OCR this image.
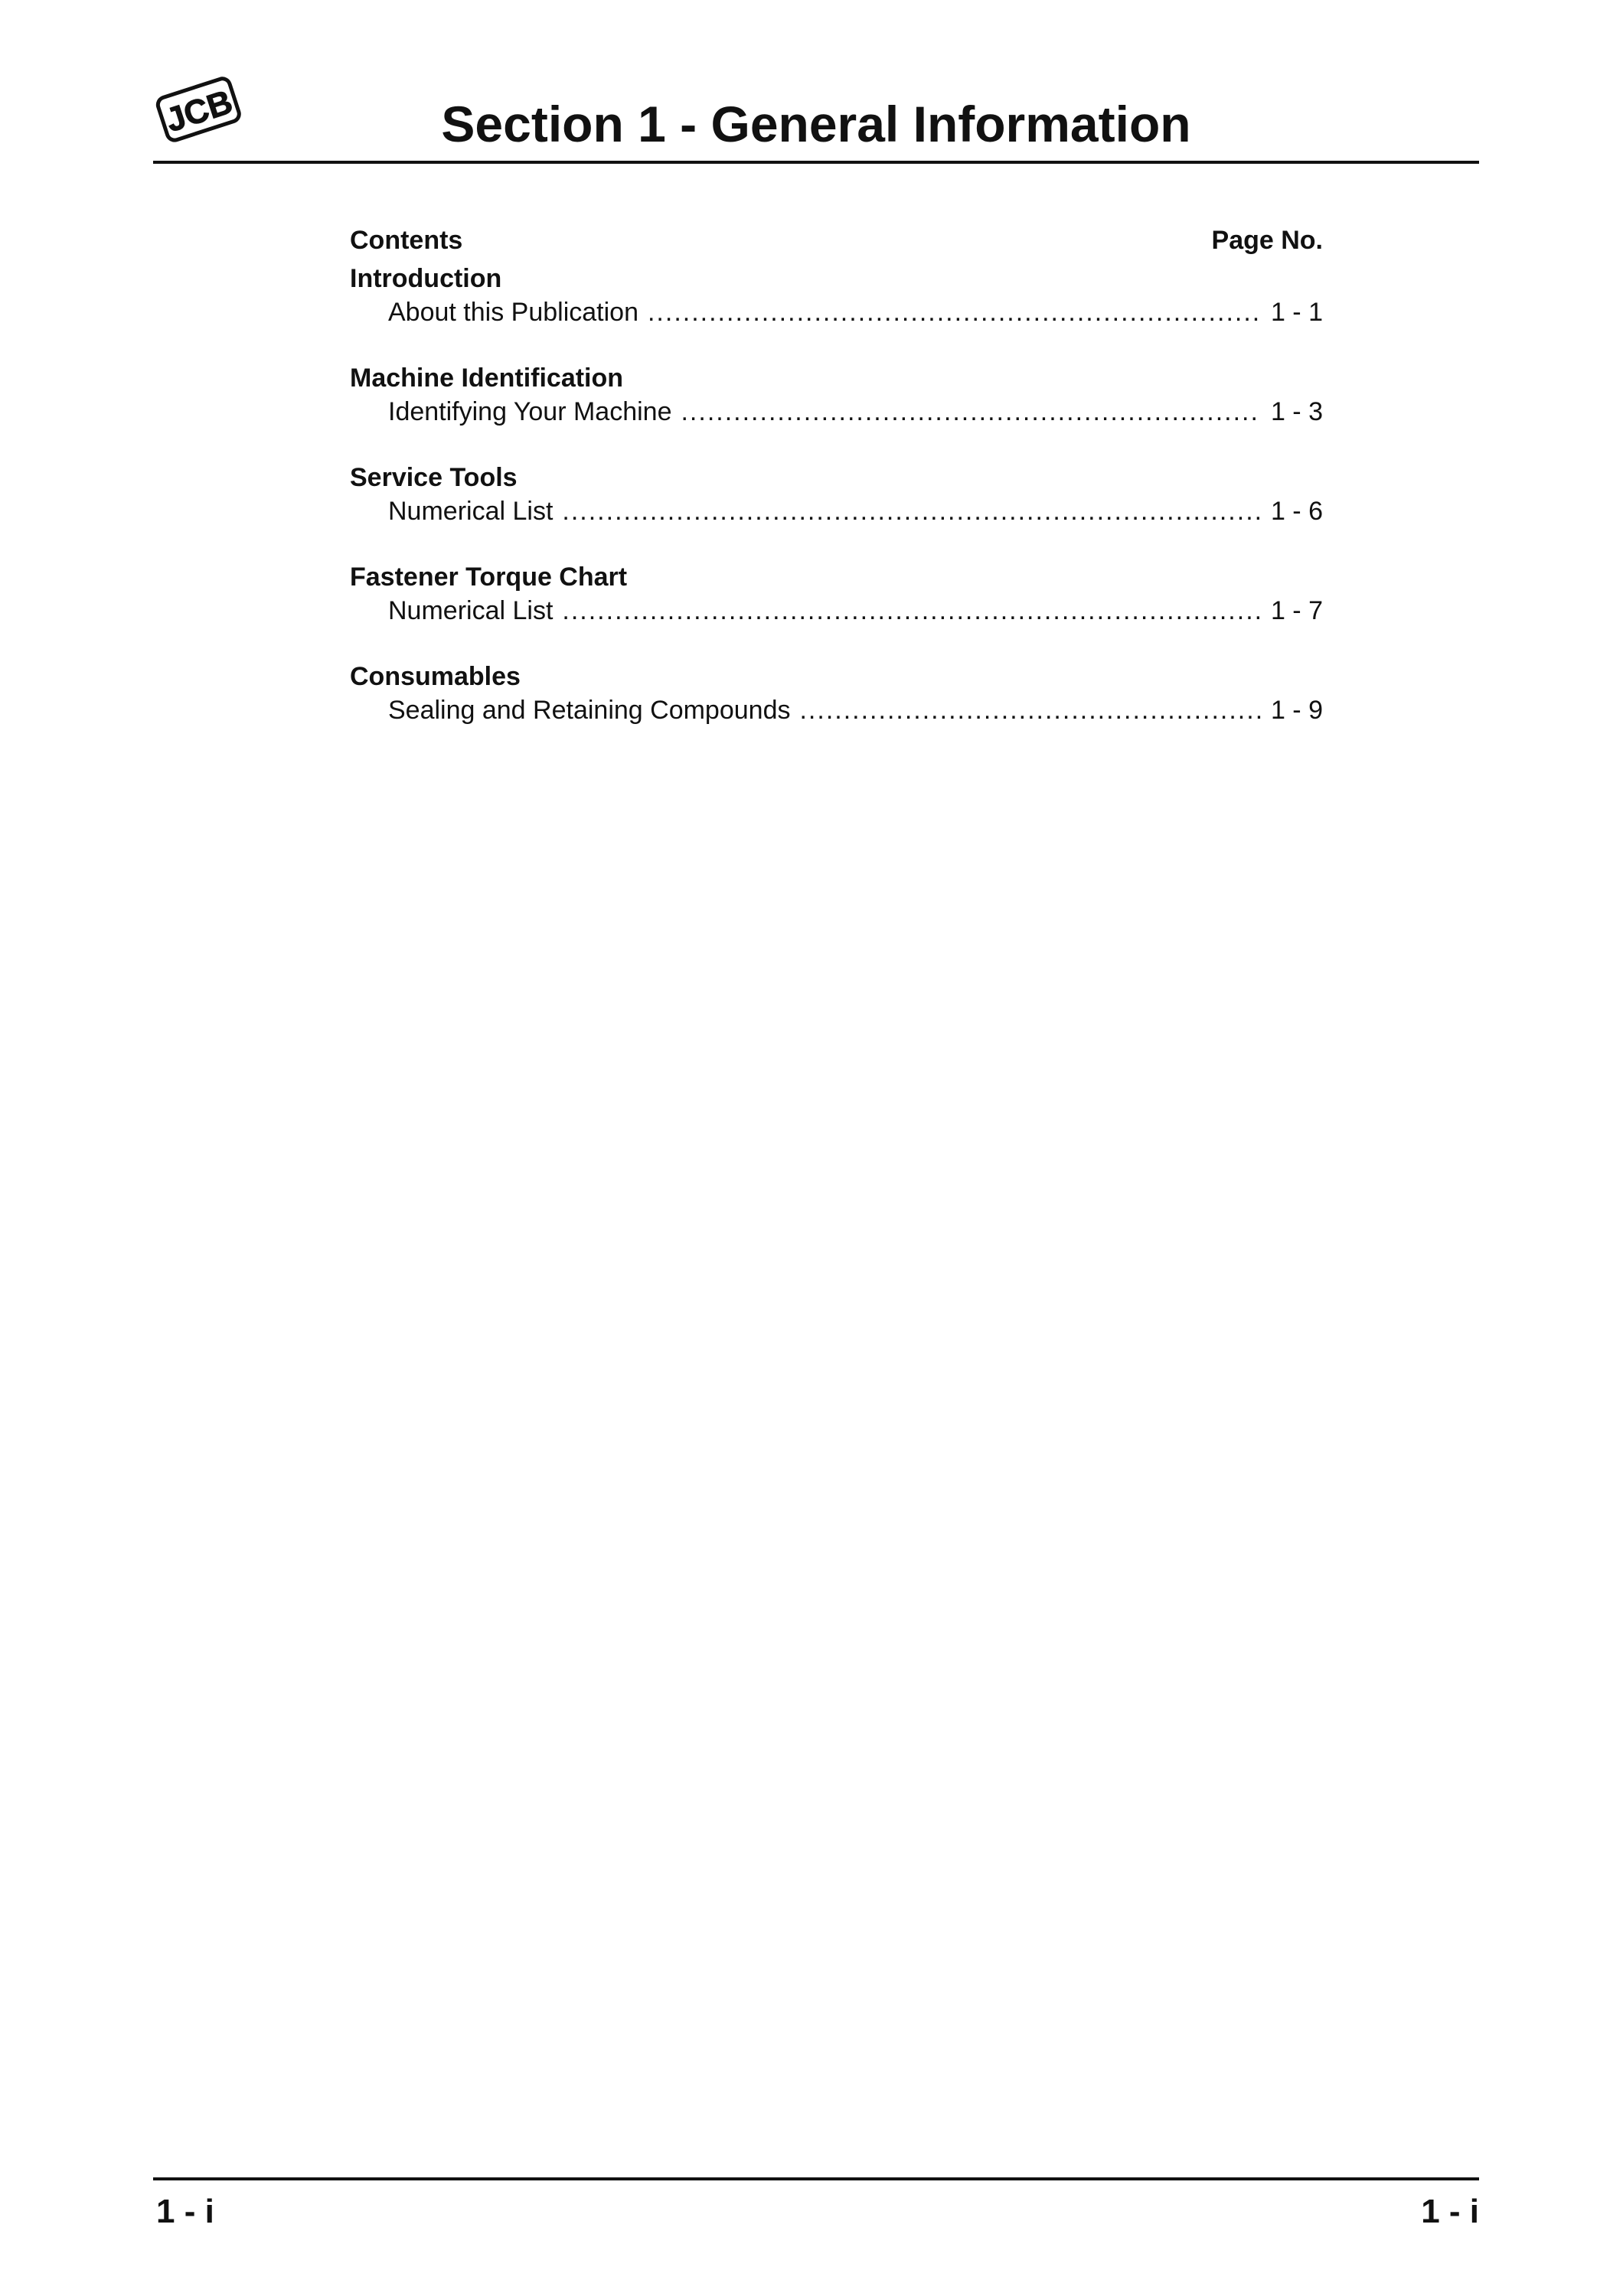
JCB	Section 1 - General Information
Contents	Page No.
Introduction
About this Publication .....	1 - 1
Machine Identification
Identifying Your Machine .....	1 - 3
Service Tools
Numerical List .....	1 - 6
Fastener Torque Chart
Numerical List .....	1 - 7
Consumables
Sealing and Retaining Compounds .....	1 - 9
1 - i	1 - i
